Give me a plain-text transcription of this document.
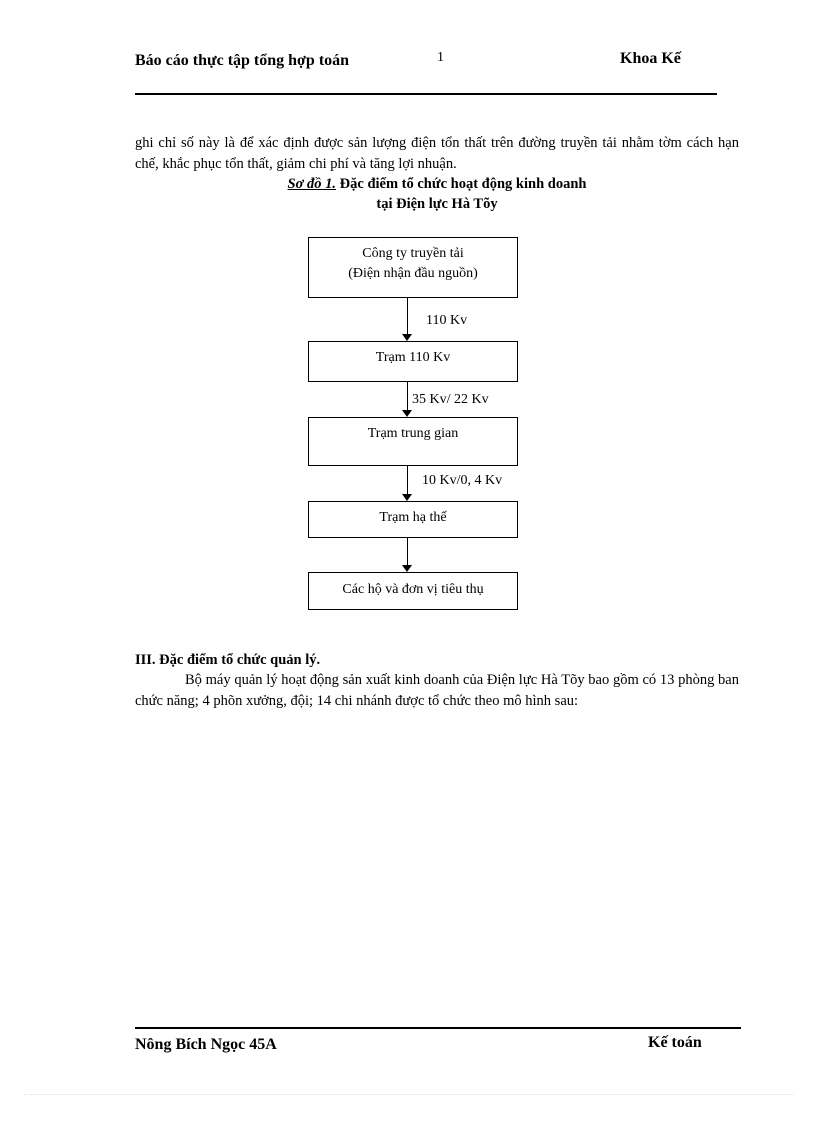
Báo cáo thực tập tổng hợp toán	1	Khoa Kế
ghi chỉ số này là để xác định được sản lượng điện tổn thất trên đường truyền tải nhằm tờm cách hạn chế, khắc phục tổn thất, giảm chi phí và tăng lợi nhuận.
Sơ đồ 1. Đặc điểm tổ chức hoạt động kinh doanh
tại Điện lực Hà Tõy
Công ty truyền tải
(Điện nhận đầu nguồn)
110 Kv
Trạm 110 Kv
35 Kv/ 22 Kv
Trạm trung gian
10 Kv/0, 4 Kv
Trạm hạ thế
Các hộ và đơn vị tiêu thụ
III. Đặc điểm tổ chức quản lý.
Bộ máy quản lý hoạt động sản xuất kinh doanh của Điện lực Hà Tõy bao gồm có 13 phòng ban chức năng; 4 phõn xưởng, đội; 14 chi nhánh được tổ chức theo mô hình sau:
Nông Bích Ngọc 45A	Kế toán
